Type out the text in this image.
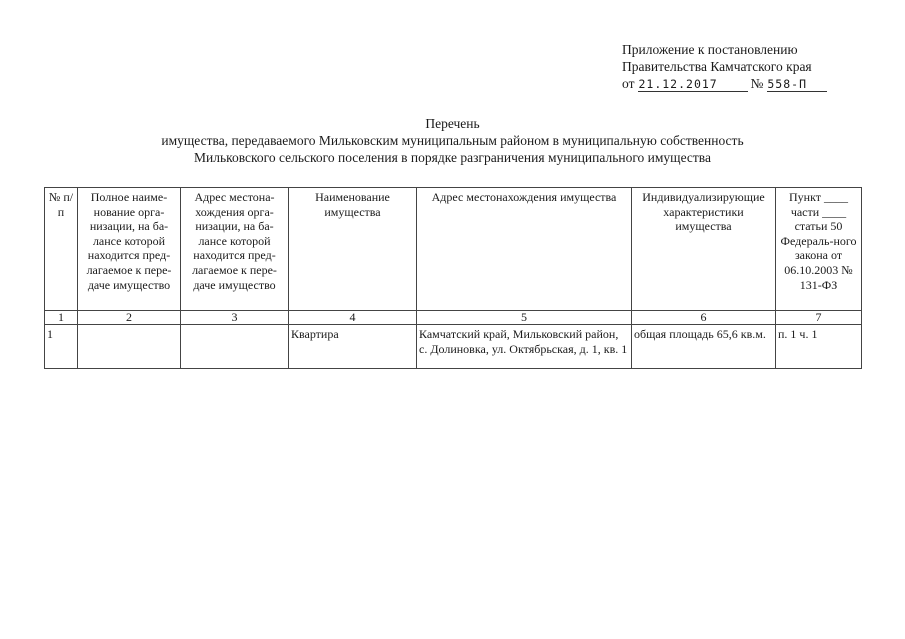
Приложение к постановлению
Правительства Камчатского края
от 21.12.2017 № 558-П
Перечень
имущества, передаваемого Мильковским муниципальным районом в муниципальную собственность
Мильковского сельского поселения в порядке разграничения муниципального имущества
№ п/п	Полное наиме-нование орга-низации, на ба-лансе которой находится пред-лагаемое к пере-даче имущество	Адрес местона-хождения орга-низации, на ба-лансе которой находится пред-лагаемое к пере-даче имущество	Наименование имущества	Адрес местонахождения имущества	Индивидуализирующие характеристики имущества	Пункт ____ части ____ статьи 50 Федераль-ного закона от 06.10.2003 № 131-ФЗ
1	2	3	4	5	6	7
1			Квартира	Камчатский край, Мильковский район, с. Долиновка, ул. Октябрьская, д. 1, кв. 1	общая площадь 65,6 кв.м.	п. 1 ч. 1
